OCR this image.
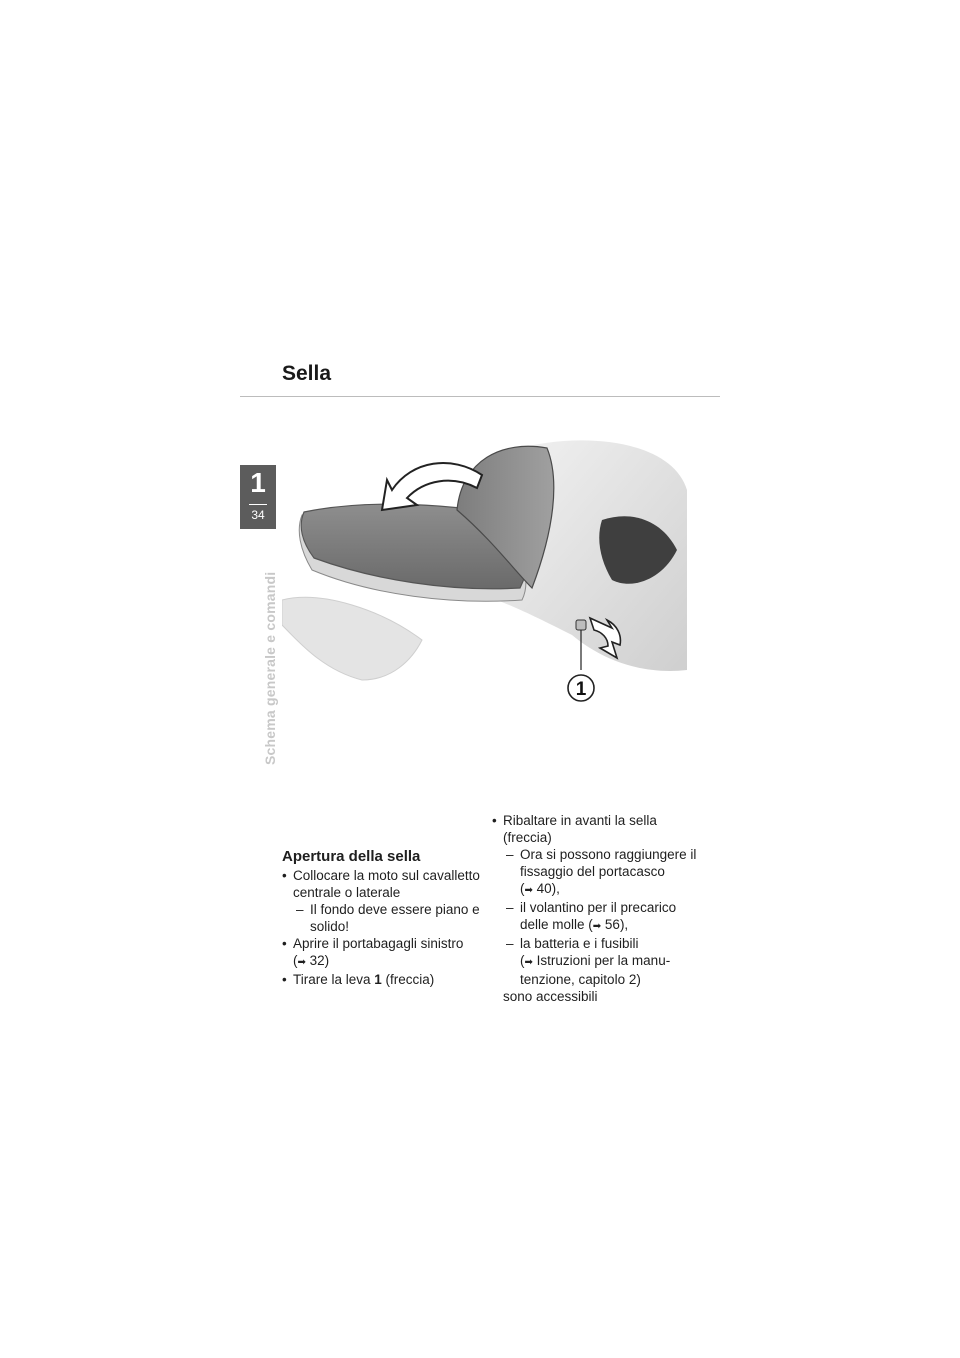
Sella
1
34
Schema generale e comandi	1
Apertura della sella
• Collocare la moto sul cavalletto centrale o laterale
– Il fondo deve essere piano e solido!
• Aprire il portabagagli sinistro
(➡ 32)
• Tirare la leva 1 (freccia)
• Ribaltare in avanti la sella (freccia)
– Ora si possono raggiungere il fissaggio del portacasco
(➡ 40),
– il volantino per il precarico delle molle (➡ 56),
– la batteria e i fusibili
(➡ Istruzioni per la manutenzione, capitolo 2)
sono accessibili
